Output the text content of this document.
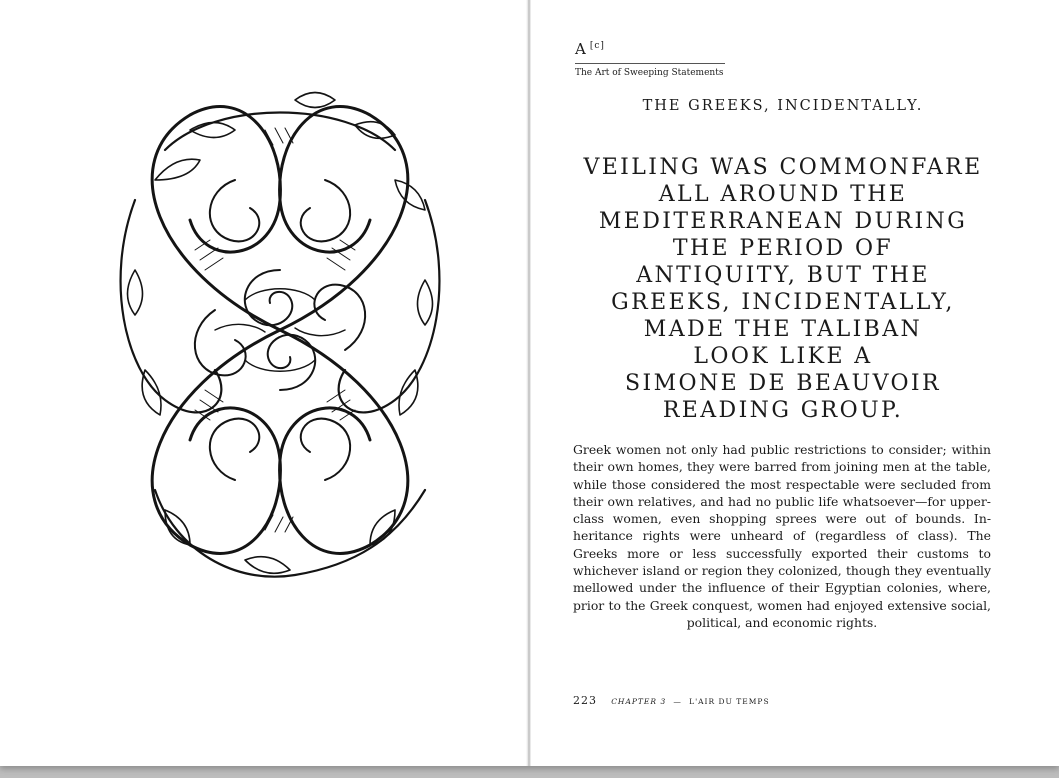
A [c]
The Art of Sweeping Statements
THE GREEKS, INCIDENTALLY.
VEILING WAS COMMONFARE
ALL AROUND THE
MEDITERRANEAN DURING
THE PERIOD OF
ANTIQUITY, BUT THE
GREEKS, INCIDENTALLY,
MADE THE TALIBAN
LOOK LIKE A
SIMONE DE BEAUVOIR
READING GROUP.

Greek women not only had public restrictions to consider; within their own homes, they were barred from joining men at the table, while those considered the most respectable were secluded from their own relatives, and had no public life whatsoever—for upper-class women, even shopping sprees were out of bounds. Inheritance rights were unheard of (regardless of class). The Greeks more or less successfully exported their customs to whichever island or region they colonized, though they eventually mellowed under the influence of their Egyptian colonies, where, prior to the Greek conquest, women had enjoyed extensive social, political, and economic rights.

223 CHAPTER 3 — L'AIR DU TEMPS
